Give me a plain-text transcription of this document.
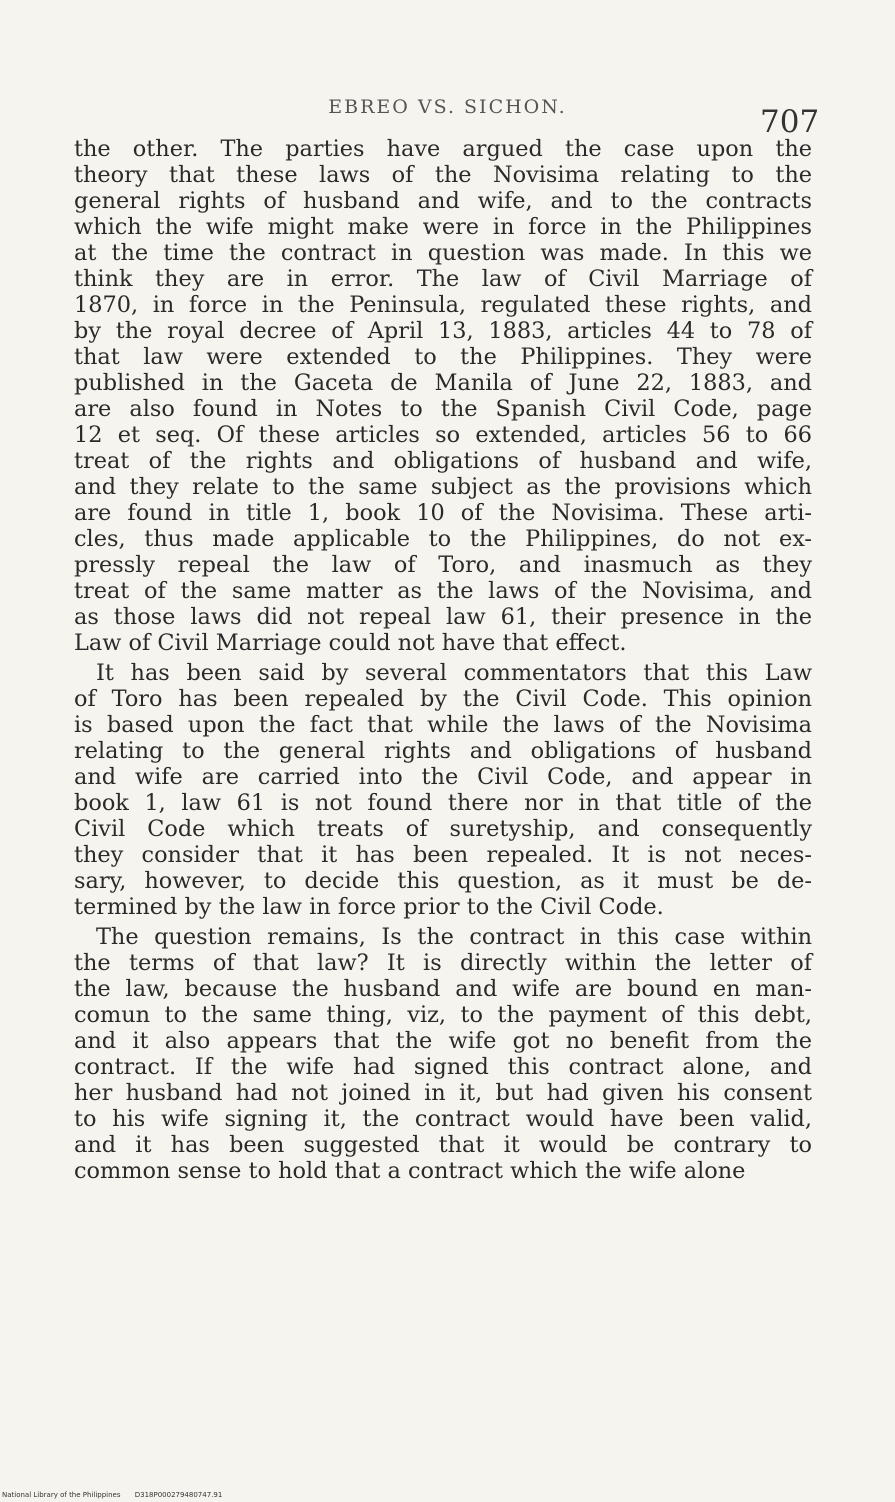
EBREO VS. SICHON.	707
the other. The parties have argued the case upon the
theory that these laws of the Novisima relating to the
general rights of husband and wife, and to the contracts
which the wife might make were in force in the Philippines
at the time the contract in question was made. In this we
think they are in error. The law of Civil Marriage of
1870, in force in the Peninsula, regulated these rights, and
by the royal decree of April 13, 1883, articles 44 to 78 of
that law were extended to the Philippines. They were
published in the Gaceta de Manila of June 22, 1883, and
are also found in Notes to the Spanish Civil Code, page
12 et seq. Of these articles so extended, articles 56 to 66
treat of the rights and obligations of husband and wife,
and they relate to the same subject as the provisions which
are found in title 1, book 10 of the Novisima. These arti-
cles, thus made applicable to the Philippines, do not ex-
pressly repeal the law of Toro, and inasmuch as they
treat of the same matter as the laws of the Novisima, and
as those laws did not repeal law 61, their presence in the
Law of Civil Marriage could not have that effect.
It has been said by several commentators that this Law
of Toro has been repealed by the Civil Code. This opinion
is based upon the fact that while the laws of the Novisima
relating to the general rights and obligations of husband
and wife are carried into the Civil Code, and appear in
book 1, law 61 is not found there nor in that title of the
Civil Code which treats of suretyship, and consequently
they consider that it has been repealed. It is not neces-
sary, however, to decide this question, as it must be de-
termined by the law in force prior to the Civil Code.
The question remains, Is the contract in this case within
the terms of that law? It is directly within the letter of
the law, because the husband and wife are bound en man-
comun to the same thing, viz, to the payment of this debt,
and it also appears that the wife got no benefit from the
contract. If the wife had signed this contract alone, and
her husband had not joined in it, but had given his consent
to his wife signing it, the contract would have been valid,
and it has been suggested that it would be contrary to
common sense to hold that a contract which the wife alone
National Library of the Philippines D318P000279480747.91
